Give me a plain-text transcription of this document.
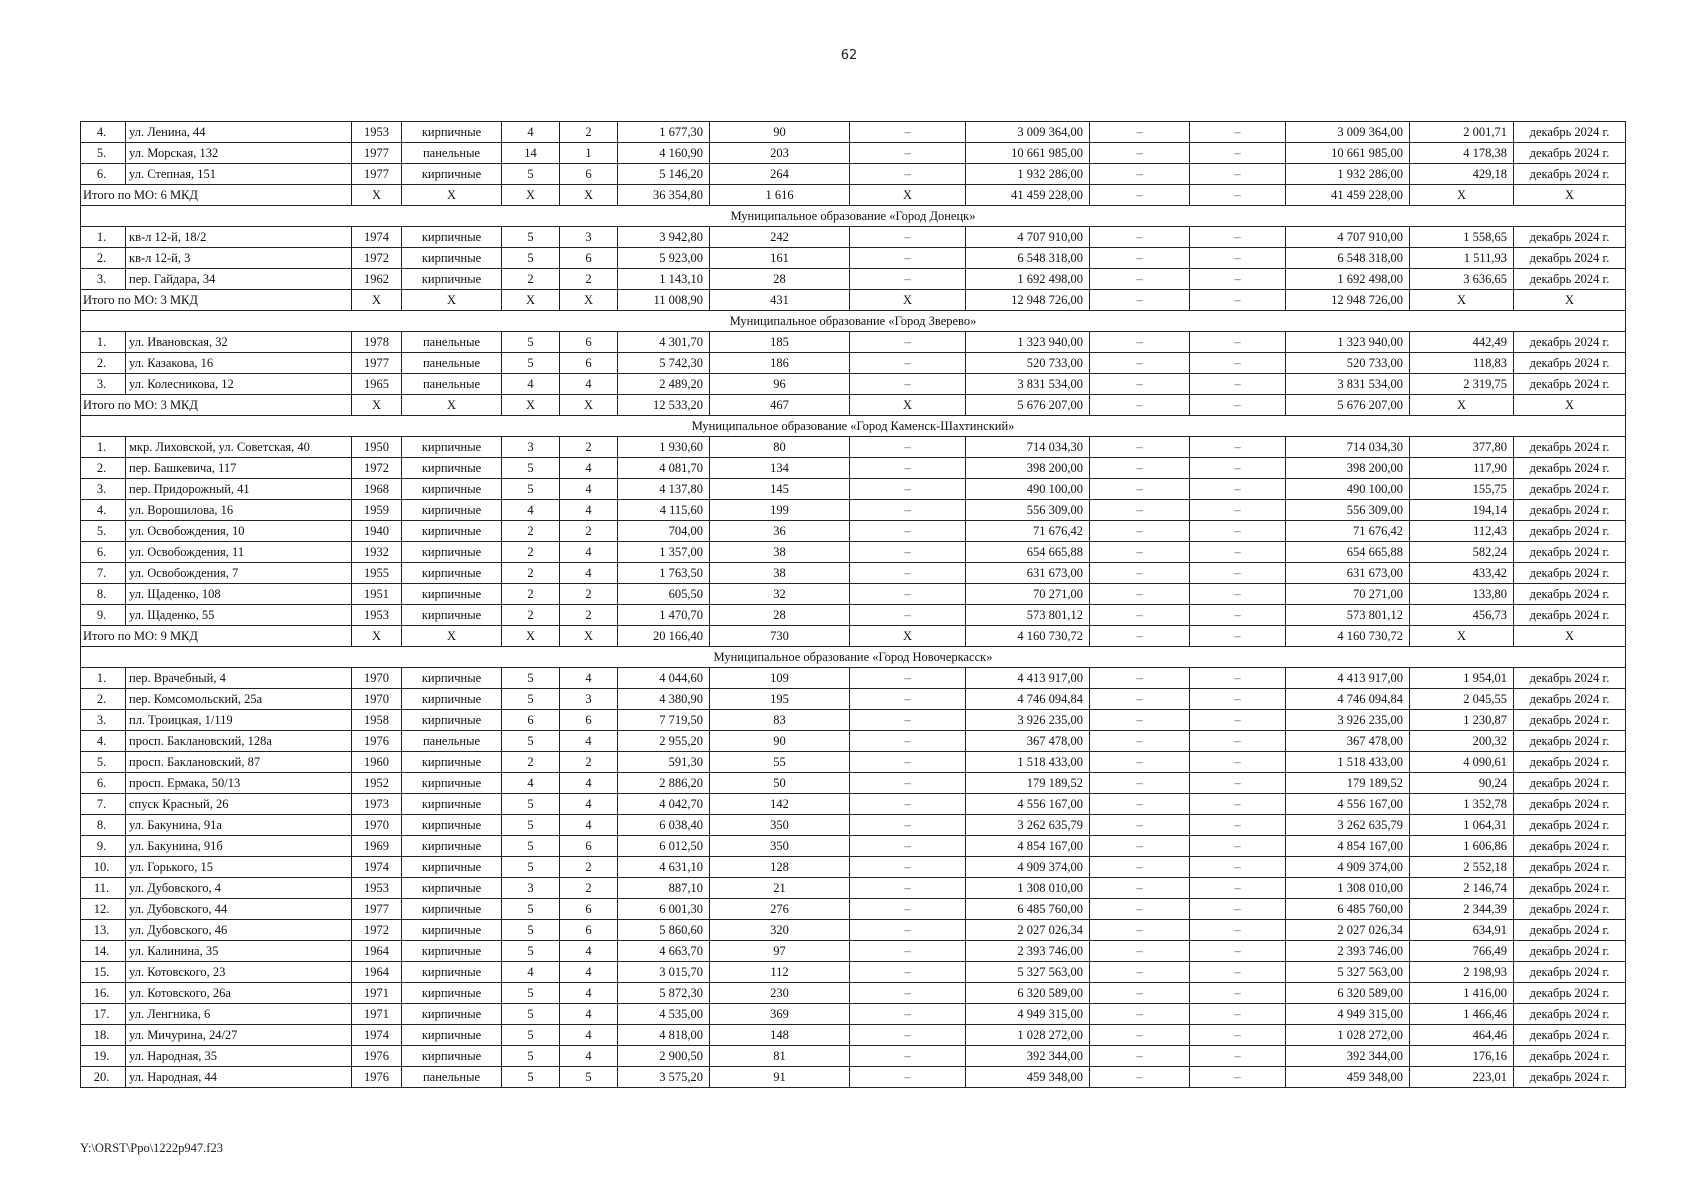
62
4.	ул. Ленина, 44	1953	кирпичные	4	2	1 677,30	90	–	3 009 364,00	–	–	3 009 364,00	2 001,71	декабрь 2024 г.
5.	ул. Морская, 132	1977	панельные	14	1	4 160,90	203	–	10 661 985,00	–	–	10 661 985,00	4 178,38	декабрь 2024 г.
6.	ул. Степная, 151	1977	кирпичные	5	6	5 146,20	264	–	1 932 286,00	–	–	1 932 286,00	429,18	декабрь 2024 г.
Итого по МО: 6 МКД		Х	Х	Х	Х	36 354,80	1 616	Х	41 459 228,00	–	–	41 459 228,00	Х	Х
Муниципальное образование «Город Донецк»														
1.	кв-л 12-й, 18/2	1974	кирпичные	5	3	3 942,80	242	–	4 707 910,00	–	–	4 707 910,00	1 558,65	декабрь 2024 г.
2.	кв-л 12-й, 3	1972	кирпичные	5	6	5 923,00	161	–	6 548 318,00	–	–	6 548 318,00	1 511,93	декабрь 2024 г.
3.	пер. Гайдара, 34	1962	кирпичные	2	2	1 143,10	28	–	1 692 498,00	–	–	1 692 498,00	3 636,65	декабрь 2024 г.
Итого по МО: 3 МКД		Х	Х	Х	Х	11 008,90	431	Х	12 948 726,00	–	–	12 948 726,00	Х	Х
Муниципальное образование «Город Зверево»														
1.	ул. Ивановская, 32	1978	панельные	5	6	4 301,70	185	–	1 323 940,00	–	–	1 323 940,00	442,49	декабрь 2024 г.
2.	ул. Казакова, 16	1977	панельные	5	6	5 742,30	186	–	520 733,00	–	–	520 733,00	118,83	декабрь 2024 г.
3.	ул. Колесникова, 12	1965	панельные	4	4	2 489,20	96	–	3 831 534,00	–	–	3 831 534,00	2 319,75	декабрь 2024 г.
Итого по МО: 3 МКД		Х	Х	Х	Х	12 533,20	467	Х	5 676 207,00	–	–	5 676 207,00	Х	Х
Муниципальное образование «Город Каменск-Шахтинский»														
1.	мкр. Лиховской, ул. Советская, 40	1950	кирпичные	3	2	1 930,60	80	–	714 034,30	–	–	714 034,30	377,80	декабрь 2024 г.
2.	пер. Башкевича, 117	1972	кирпичные	5	4	4 081,70	134	–	398 200,00	–	–	398 200,00	117,90	декабрь 2024 г.
3.	пер. Придорожный, 41	1968	кирпичные	5	4	4 137,80	145	–	490 100,00	–	–	490 100,00	155,75	декабрь 2024 г.
4.	ул. Ворошилова, 16	1959	кирпичные	4	4	4 115,60	199	–	556 309,00	–	–	556 309,00	194,14	декабрь 2024 г.
5.	ул. Освобождения, 10	1940	кирпичные	2	2	704,00	36	–	71 676,42	–	–	71 676,42	112,43	декабрь 2024 г.
6.	ул. Освобождения, 11	1932	кирпичные	2	4	1 357,00	38	–	654 665,88	–	–	654 665,88	582,24	декабрь 2024 г.
7.	ул. Освобождения, 7	1955	кирпичные	2	4	1 763,50	38	–	631 673,00	–	–	631 673,00	433,42	декабрь 2024 г.
8.	ул. Щаденко, 108	1951	кирпичные	2	2	605,50	32	–	70 271,00	–	–	70 271,00	133,80	декабрь 2024 г.
9.	ул. Щаденко, 55	1953	кирпичные	2	2	1 470,70	28	–	573 801,12	–	–	573 801,12	456,73	декабрь 2024 г.
Итого по МО: 9 МКД		Х	Х	Х	Х	20 166,40	730	Х	4 160 730,72	–	–	4 160 730,72	Х	Х
Муниципальное образование «Город Новочеркасск»														
1.	пер. Врачебный, 4	1970	кирпичные	5	4	4 044,60	109	–	4 413 917,00	–	–	4 413 917,00	1 954,01	декабрь 2024 г.
2.	пер. Комсомольский, 25а	1970	кирпичные	5	3	4 380,90	195	–	4 746 094,84	–	–	4 746 094,84	2 045,55	декабрь 2024 г.
3.	пл. Троицкая, 1/119	1958	кирпичные	6	6	7 719,50	83	–	3 926 235,00	–	–	3 926 235,00	1 230,87	декабрь 2024 г.
4.	просп. Баклановский, 128а	1976	панельные	5	4	2 955,20	90	–	367 478,00	–	–	367 478,00	200,32	декабрь 2024 г.
5.	просп. Баклановский, 87	1960	кирпичные	2	2	591,30	55	–	1 518 433,00	–	–	1 518 433,00	4 090,61	декабрь 2024 г.
6.	просп. Ермака, 50/13	1952	кирпичные	4	4	2 886,20	50	–	179 189,52	–	–	179 189,52	90,24	декабрь 2024 г.
7.	спуск Красный, 26	1973	кирпичные	5	4	4 042,70	142	–	4 556 167,00	–	–	4 556 167,00	1 352,78	декабрь 2024 г.
8.	ул. Бакунина, 91а	1970	кирпичные	5	4	6 038,40	350	–	3 262 635,79	–	–	3 262 635,79	1 064,31	декабрь 2024 г.
9.	ул. Бакунина, 91б	1969	кирпичные	5	6	6 012,50	350	–	4 854 167,00	–	–	4 854 167,00	1 606,86	декабрь 2024 г.
10.	ул. Горького, 15	1974	кирпичные	5	2	4 631,10	128	–	4 909 374,00	–	–	4 909 374,00	2 552,18	декабрь 2024 г.
11.	ул. Дубовского, 4	1953	кирпичные	3	2	887,10	21	–	1 308 010,00	–	–	1 308 010,00	2 146,74	декабрь 2024 г.
12.	ул. Дубовского, 44	1977	кирпичные	5	6	6 001,30	276	–	6 485 760,00	–	–	6 485 760,00	2 344,39	декабрь 2024 г.
13.	ул. Дубовского, 46	1972	кирпичные	5	6	5 860,60	320	–	2 027 026,34	–	–	2 027 026,34	634,91	декабрь 2024 г.
14.	ул. Калинина, 35	1964	кирпичные	5	4	4 663,70	97	–	2 393 746,00	–	–	2 393 746,00	766,49	декабрь 2024 г.
15.	ул. Котовского, 23	1964	кирпичные	4	4	3 015,70	112	–	5 327 563,00	–	–	5 327 563,00	2 198,93	декабрь 2024 г.
16.	ул. Котовского, 26а	1971	кирпичные	5	4	5 872,30	230	–	6 320 589,00	–	–	6 320 589,00	1 416,00	декабрь 2024 г.
17.	ул. Ленгника, 6	1971	кирпичные	5	4	4 535,00	369	–	4 949 315,00	–	–	4 949 315,00	1 466,46	декабрь 2024 г.
18.	ул. Мичурина, 24/27	1974	кирпичные	5	4	4 818,00	148	–	1 028 272,00	–	–	1 028 272,00	464,46	декабрь 2024 г.
19.	ул. Народная, 35	1976	кирпичные	5	4	2 900,50	81	–	392 344,00	–	–	392 344,00	176,16	декабрь 2024 г.
20.	ул. Народная, 44	1976	панельные	5	5	3 575,20	91	–	459 348,00	–	–	459 348,00	223,01	декабрь 2024 г.
Y:\ORST\Ppo\1222p947.f23
